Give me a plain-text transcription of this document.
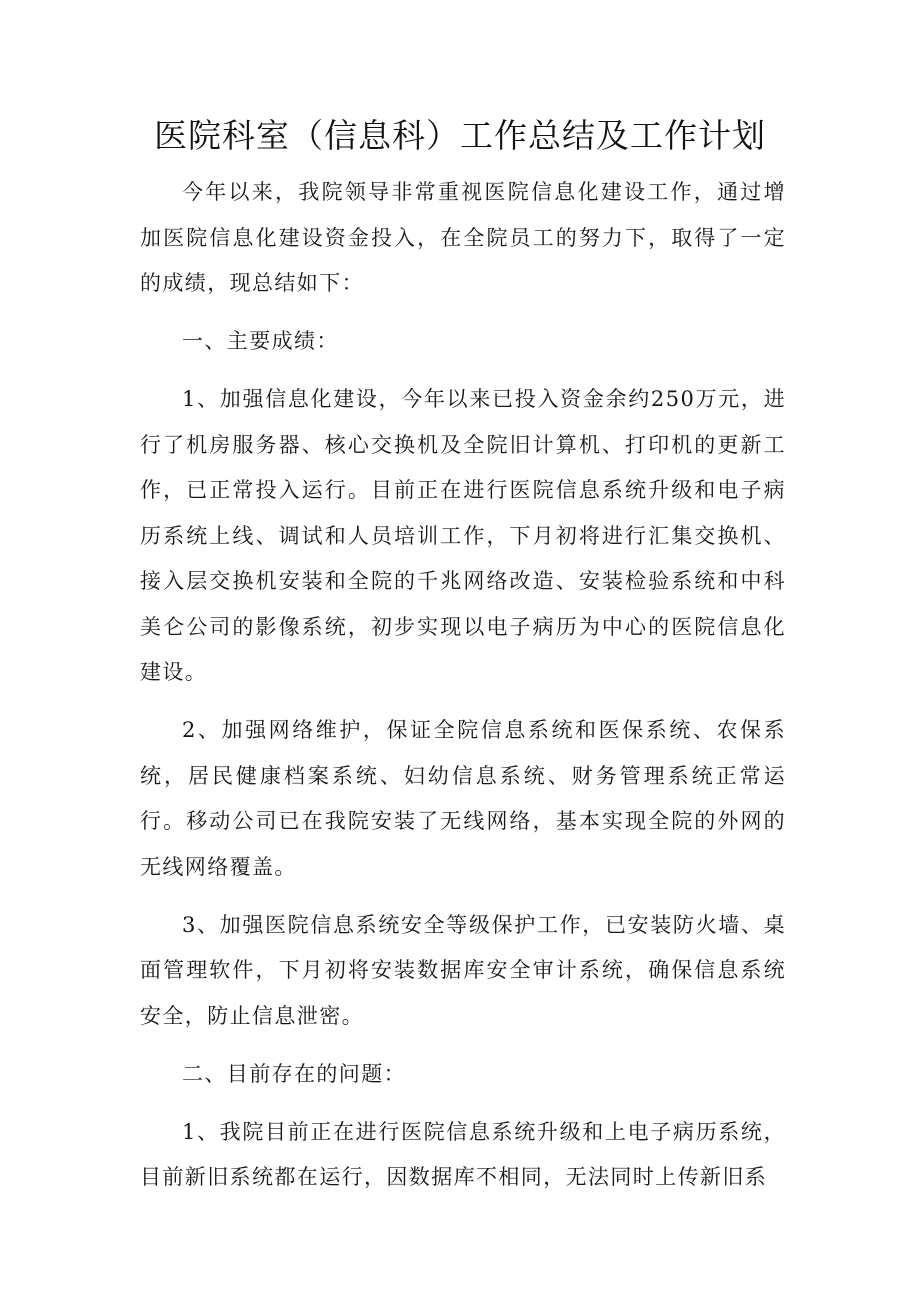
医院科室（信息科）工作总结及工作计划

今年以来，我院领导非常重视医院信息化建设工作，通过增加医院信息化建设资金投入，在全院员工的努力下，取得了一定的成绩，现总结如下：

一、主要成绩：

1、加强信息化建设，今年以来已投入资金余约250万元，进行了机房服务器、核心交换机及全院旧计算机、打印机的更新工作，已正常投入运行。目前正在进行医院信息系统升级和电子病历系统上线、调试和人员培训工作，下月初将进行汇集交换机、接入层交换机安装和全院的千兆网络改造、安装检验系统和中科美仑公司的影像系统，初步实现以电子病历为中心的医院信息化建设。

2、加强网络维护，保证全院信息系统和医保系统、农保系统，居民健康档案系统、妇幼信息系统、财务管理系统正常运行。移动公司已在我院安装了无线网络，基本实现全院的外网的无线网络覆盖。

3、加强医院信息系统安全等级保护工作，已安装防火墙、桌面管理软件，下月初将安装数据库安全审计系统，确保信息系统安全，防止信息泄密。

二、目前存在的问题：

1、我院目前正在进行医院信息系统升级和上电子病历系统，目前新旧系统都在运行，因数据库不相同，无法同时上传新旧系
